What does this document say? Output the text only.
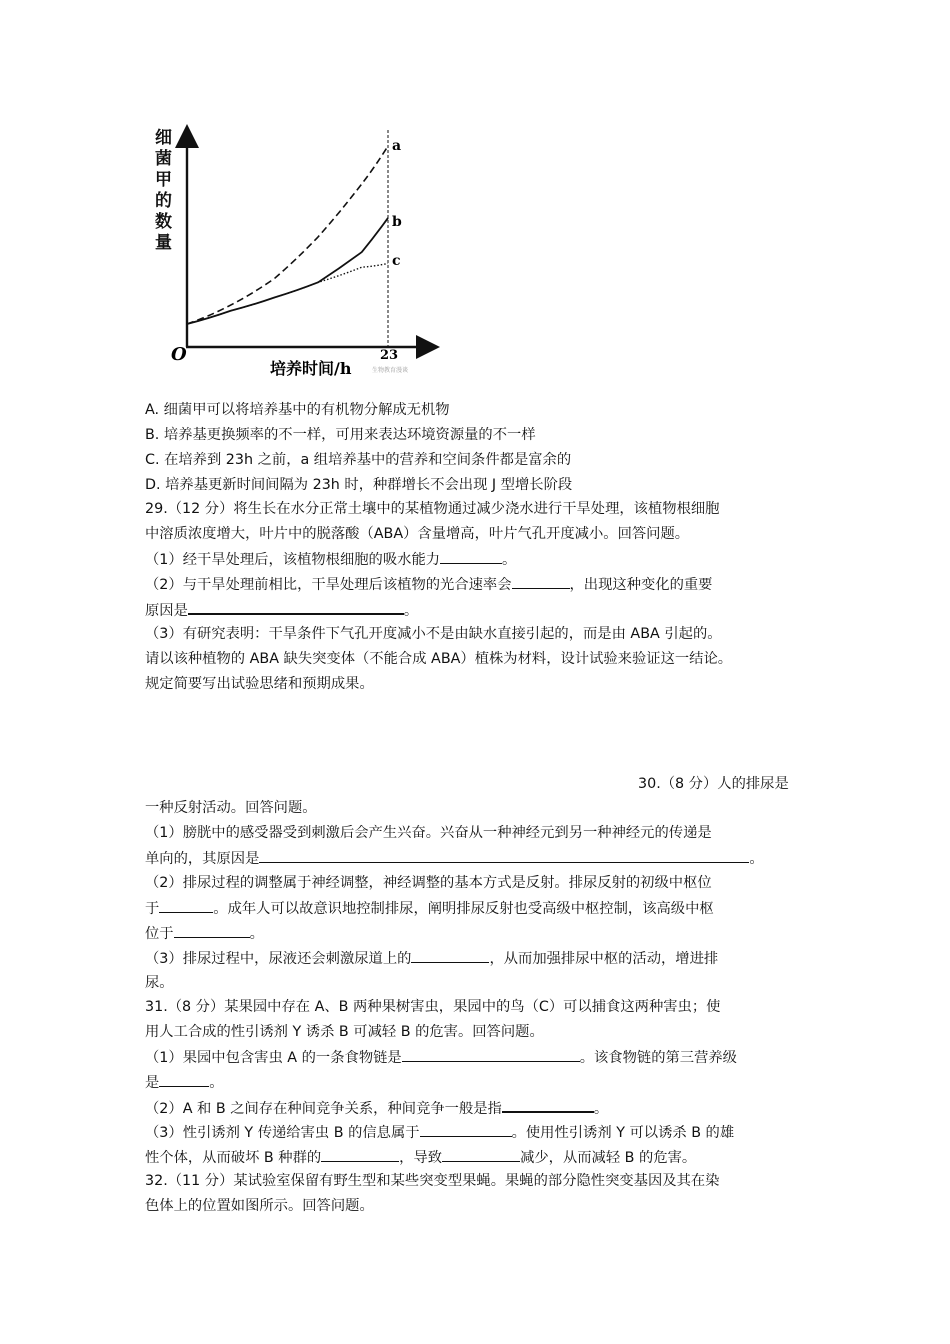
细
菌
甲
的
数
量
O
培养时间/h
23
生物教育漫谈
a
b
c
A. 细菌甲可以将培养基中的有机物分解成无机物
B. 培养基更换频率的不一样，可用来表达环境资源量的不一样
C. 在培养到 23h 之前，a 组培养基中的营养和空间条件都是富余的
D. 培养基更新时间间隔为 23h 时，种群增长不会出现 J 型增长阶段
29.（12 分）将生长在水分正常土壤中的某植物通过减少浇水进行干旱处理，该植物根细胞
中溶质浓度增大，叶片中的脱落酸（ABA）含量增高，叶片气孔开度减小。回答问题。
（1）经干旱处理后，该植物根细胞的吸水能力	。
（2）与干旱处理前相比，干旱处理后该植物的光合速率会	，出现这种变化的重要
原因是	。
（3）有研究表明：干旱条件下气孔开度减小不是由缺水直接引起的，而是由 ABA 引起的。
请以该种植物的 ABA 缺失突变体（不能合成 ABA）植株为材料，设计试验来验证这一结论。
规定简要写出试验思绪和预期成果。
30.（8 分）人的排尿是
一种反射活动。回答问题。
（1）膀胱中的感受器受到刺激后会产生兴奋。兴奋从一种神经元到另一种神经元的传递是
单向的，其原因是	。
（2）排尿过程的调整属于神经调整，神经调整的基本方式是反射。排尿反射的初级中枢位
于	。成年人可以故意识地控制排尿，阐明排尿反射也受高级中枢控制，该高级中枢
位于	。
（3）排尿过程中，尿液还会刺激尿道上的	，从而加强排尿中枢的活动，增进排
尿。
31.（8 分）某果园中存在 A、B 两种果树害虫，果园中的鸟（C）可以捕食这两种害虫；使
用人工合成的性引诱剂 Y 诱杀 B 可减轻 B 的危害。回答问题。
（1）果园中包含害虫 A 的一条食物链是	。该食物链的第三营养级
是	。
（2）A 和 B 之间存在种间竞争关系，种间竞争一般是指	。
（3）性引诱剂 Y 传递给害虫 B 的信息属于	。使用性引诱剂 Y 可以诱杀 B 的雄
性个体，从而破坏 B 种群的	，导致	减少，从而减轻 B 的危害。
32.（11 分）某试验室保留有野生型和某些突变型果蝇。果蝇的部分隐性突变基因及其在染
色体上的位置如图所示。回答问题。
